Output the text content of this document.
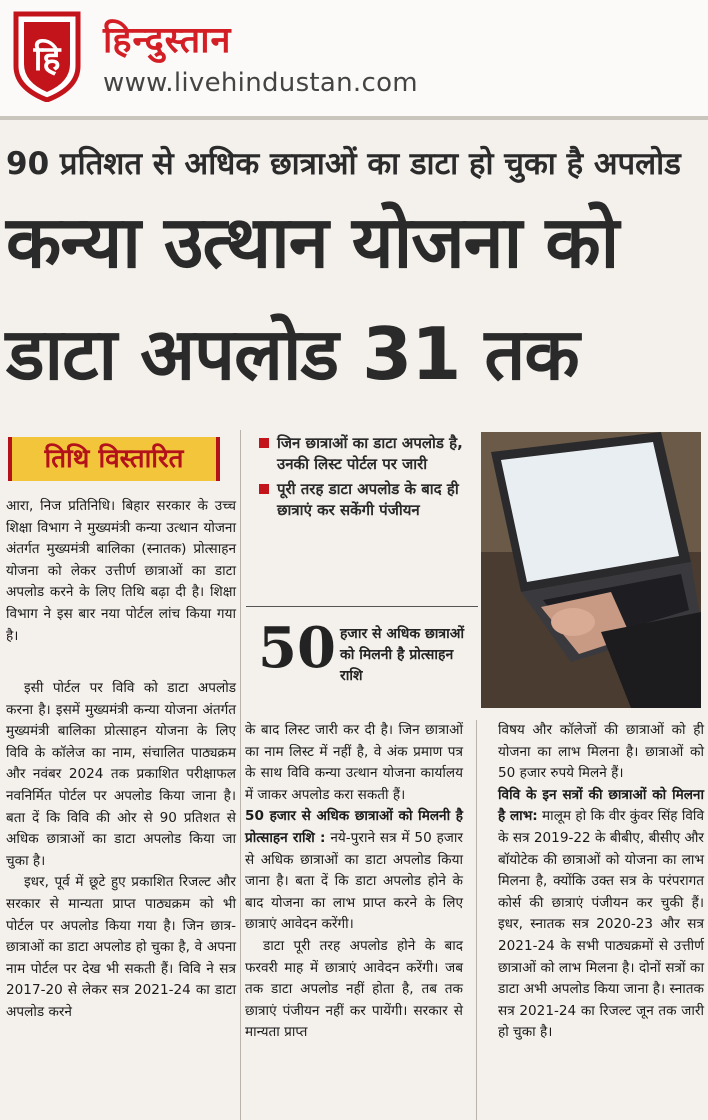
हि हिन्दुस्तान
www.livehindustan.com
90 प्रतिशत से अधिक छात्राओं का डाटा हो चुका है अपलोड
कन्या उत्थान योजना को
डाटा अपलोड 31 तक
तिथि विस्तारित

आरा, निज प्रतिनिधि। बिहार सरकार के उच्च शिक्षा विभाग ने मुख्यमंत्री कन्या उत्थान योजना अंतर्गत मुख्यमंत्री बालिका (स्नातक) प्रोत्साहन योजना को लेकर उत्तीर्ण छात्राओं का डाटा अपलोड करने के लिए तिथि बढ़ा दी है। शिक्षा विभाग ने इस बार नया पोर्टल लांच किया गया है।

इसी पोर्टल पर विवि को डाटा अपलोड करना है। इसमें मुख्यमंत्री कन्या योजना अंतर्गत मुख्यमंत्री बालिका प्रोत्साहन योजना के लिए विवि के कॉलेज का नाम, संचालित पाठ्यक्रम और नवंबर 2024 तक प्रकाशित परीक्षाफल नवनिर्मित पोर्टल पर अपलोड किया जाना है। बता दें कि विवि की ओर से 90 प्रतिशत से अधिक छात्राओं का डाटा अपलोड किया जा चुका है।

इधर, पूर्व में छूटे हुए प्रकाशित रिजल्ट और सरकार से मान्यता प्राप्त पाठ्यक्रम को भी पोर्टल पर अपलोड किया गया है। जिन छात्र-छात्राओं का डाटा अपलोड हो चुका है, वे अपना नाम पोर्टल पर देख भी सकती हैं। विवि ने सत्र 2017-20 से लेकर सत्र 2021-24 का डाटा अपलोड करने

जिन छात्राओं का डाटा अपलोड है, उनकी लिस्ट पोर्टल पर जारी
पूरी तरह डाटा अपलोड के बाद ही छात्राएं कर सकेंगी पंजीयन
50 हजार से अधिक छात्राओं को मिलनी है प्रोत्साहन राशि

के बाद लिस्ट जारी कर दी है। जिन छात्राओं का नाम लिस्ट में नहीं है, वे अंक प्रमाण पत्र के साथ विवि कन्या उत्थान योजना कार्यालय में जाकर अपलोड करा सकती हैं।

50 हजार से अधिक छात्राओं को मिलनी है प्रोत्साहन राशि : नये-पुराने सत्र में 50 हजार से अधिक छात्राओं का डाटा अपलोड किया जाना है। बता दें कि डाटा अपलोड होने के बाद योजना का लाभ प्राप्त करने के लिए छात्राएं आवेदन करेंगी।

डाटा पूरी तरह अपलोड होने के बाद फरवरी माह में छात्राएं आवेदन करेंगी। जब तक डाटा अपलोड नहीं होता है, तब तक छात्राएं पंजीयन नहीं कर पायेंगी। सरकार से मान्यता प्राप्त

विषय और कॉलेजों की छात्राओं को ही योजना का लाभ मिलना है। छात्राओं को 50 हजार रुपये मिलने हैं।

विवि के इन सत्रों की छात्राओं को मिलना है लाभ: मालूम हो कि वीर कुंवर सिंह विवि के सत्र 2019-22 के बीबीए, बीसीए और बॉयोटेक की छात्राओं को योजना का लाभ मिलना है, क्योंकि उक्त सत्र के परंपरागत कोर्स की छात्राएं पंजीयन कर चुकी हैं। इधर, स्नातक सत्र 2020-23 और सत्र 2021-24 के सभी पाठ्यक्रमों से उत्तीर्ण छात्राओं को लाभ मिलना है। दोनों सत्रों का डाटा अभी अपलोड किया जाना है। स्नातक सत्र 2021-24 का रिजल्ट जून तक जारी हो चुका है।
